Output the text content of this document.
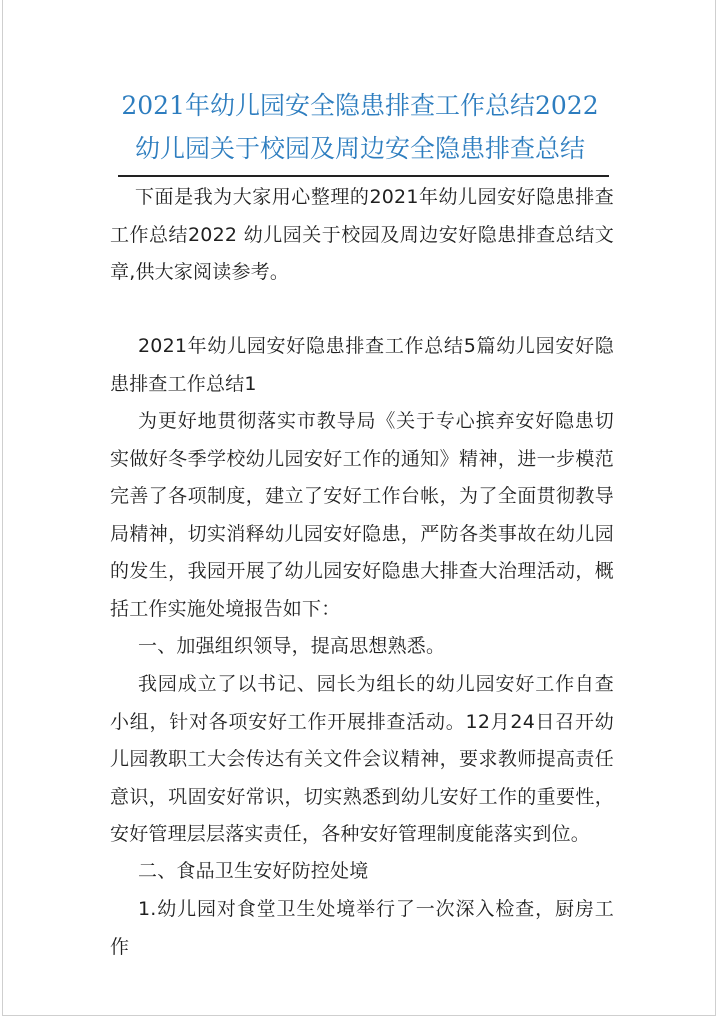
2021年幼儿园安全隐患排查工作总结2022
幼儿园关于校园及周边安全隐患排查总结

下面是我为大家用心整理的2021年幼儿园安好隐患排查工作总结2022 幼儿园关于校园及周边安好隐患排查总结文章,供大家阅读参考。

2021年幼儿园安好隐患排查工作总结5篇幼儿园安好隐患排查工作总结1

为更好地贯彻落实市教导局《关于专心摈弃安好隐患切实做好冬季学校幼儿园安好工作的通知》精神，进一步模范完善了各项制度，建立了安好工作台帐，为了全面贯彻教导局精神，切实消释幼儿园安好隐患，严防各类事故在幼儿园的发生，我园开展了幼儿园安好隐患大排查大治理活动，概括工作实施处境报告如下：

一、加强组织领导，提高思想熟悉。

我园成立了以书记、园长为组长的幼儿园安好工作自查小组，针对各项安好工作开展排查活动。12月24日召开幼儿园教职工大会传达有关文件会议精神，要求教师提高责任意识，巩固安好常识，切实熟悉到幼儿安好工作的重要性，安好管理层层落实责任，各种安好管理制度能落实到位。

二、食品卫生安好防控处境

1.幼儿园对食堂卫生处境举行了一次深入检查，厨房工作
